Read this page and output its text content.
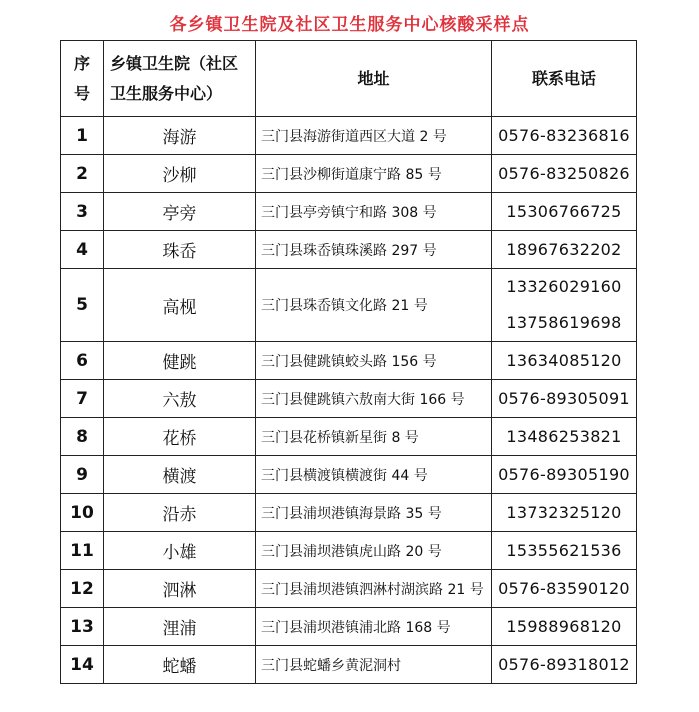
各乡镇卫生院及社区卫生服务中心核酸采样点
序
号	乡镇卫生院（社区
卫生服务中心）	地址	联系电话
1	海游	三门县海游街道西区大道 2 号	0576-83236816

2	沙柳	三门县沙柳街道康宁路 85 号	0576-83250826

3	亭旁	三门县亭旁镇宁和路 308 号	15306766725

4	珠岙	三门县珠岙镇珠溪路 297 号	18967632202

5	高枧	三门县珠岙镇文化路 21 号	13326029160
13758619698

6	健跳	三门县健跳镇蛟头路 156 号	13634085120

7	六敖	三门县健跳镇六敖南大街 166 号	0576-89305091

8	花桥	三门县花桥镇新星街 8 号	13486253821

9	横渡	三门县横渡镇横渡街 44 号	0576-89305190

10	沿赤	三门县浦坝港镇海景路 35 号	13732325120

11	小雄	三门县浦坝港镇虎山路 20 号	15355621536

12	泗淋	三门县浦坝港镇泗淋村湖滨路 21 号	0576-83590120

13	浬浦	三门县浦坝港镇浦北路 168 号	15988968120

14	蛇蟠	三门县蛇蟠乡黄泥洞村	0576-89318012
